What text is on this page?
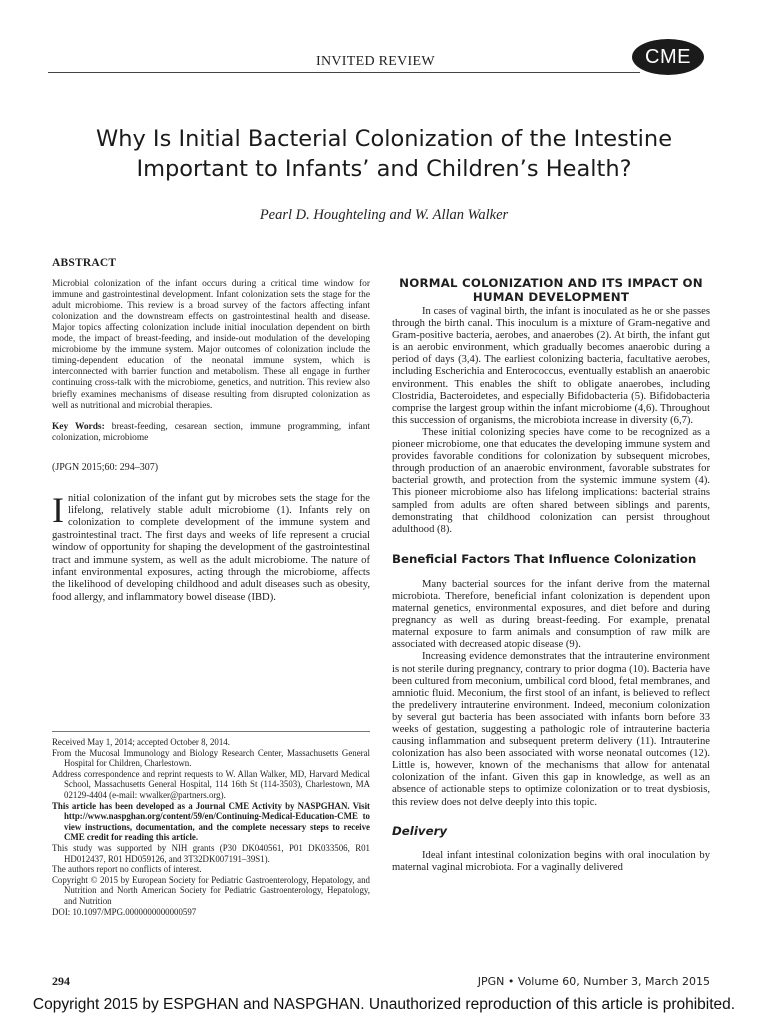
INVITED REVIEW	CME
Why Is Initial Bacterial Colonization of the Intestine
Important to Infants’ and Children’s Health?
Pearl D. Houghteling and W. Allan Walker

ABSTRACT

Microbial colonization of the infant occurs during a critical time window for immune and gastrointestinal development. Infant colonization sets the stage for the adult microbiome. This review is a broad survey of the factors affecting infant colonization and the downstream effects on gastrointestinal health and disease. Major topics affecting colonization include initial inoculation dependent on birth mode, the impact of breast-feeding, and inside-out modulation of the developing microbiome by the immune system. Major outcomes of colonization include the timing-dependent education of the neonatal immune system, which is interconnected with barrier function and metabolism. These all engage in further continuing cross-talk with the microbiome, genetics, and nutrition. This review also briefly examines mechanisms of disease resulting from disrupted colonization as well as nutritional and microbial therapies.

Key Words: breast-feeding, cesarean section, immune programming, infant colonization, microbiome

(JPGN 2015;60: 294–307)

Initial colonization of the infant gut by microbes sets the stage for the lifelong, relatively stable adult microbiome (1). Infants rely on colonization to complete development of the immune system and gastrointestinal tract. The first days and weeks of life represent a crucial window of opportunity for shaping the development of the gastrointestinal tract and immune system, as well as the adult microbiome. The nature of infant environmental exposures, acting through the microbiome, affects the likelihood of developing childhood and adult diseases such as obesity, food allergy, and inflammatory bowel disease (IBD).

Received May 1, 2014; accepted October 8, 2014.

From the Mucosal Immunology and Biology Research Center, Massachusetts General Hospital for Children, Charlestown.

Address correspondence and reprint requests to W. Allan Walker, MD, Harvard Medical School, Massachusetts General Hospital, 114 16th St (114-3503), Charlestown, MA 02129-4404 (e-mail: wwalker@partners.org).

This article has been developed as a Journal CME Activity by NASPGHAN. Visit http://www.naspghan.org/content/59/en/Continuing-Medical-Education-CME to view instructions, documentation, and the complete necessary steps to receive CME credit for reading this article.

This study was supported by NIH grants (P30 DK040561, P01 DK033506, R01 HD012437, R01 HD059126, and 3T32DK007191–39S1).

The authors report no conflicts of interest.

Copyright © 2015 by European Society for Pediatric Gastroenterology, Hepatology, and Nutrition and North American Society for Pediatric Gastroenterology, Hepatology, and Nutrition

DOI: 10.1097/MPG.0000000000000597

NORMAL COLONIZATION AND ITS IMPACT ON
HUMAN DEVELOPMENT

In cases of vaginal birth, the infant is inoculated as he or she passes through the birth canal. This inoculum is a mixture of Gram-negative and Gram-positive bacteria, aerobes, and anaerobes (2). At birth, the infant gut is an aerobic environment, which gradually becomes anaerobic during a period of days (3,4). The earliest colonizing bacteria, facultative aerobes, including Escherichia and Enterococcus, eventually establish an anaerobic environment. This enables the shift to obligate anaerobes, including Clostridia, Bacteroidetes, and especially Bifidobacteria (5). Bifidobacteria comprise the largest group within the infant microbiome (4,6). Throughout this succession of organisms, the microbiota increase in diversity (6,7).

These initial colonizing species have come to be recognized as a pioneer microbiome, one that educates the developing immune system and provides favorable conditions for colonization by subsequent microbes, through production of an anaerobic environment, favorable substrates for bacterial growth, and protection from the systemic immune system (4). This pioneer microbiome also has lifelong implications: bacterial strains sampled from adults are often shared between siblings and parents, demonstrating that childhood colonization can persist throughout adulthood (8).

Beneficial Factors That Influence Colonization

Many bacterial sources for the infant derive from the maternal microbiota. Therefore, beneficial infant colonization is dependent upon maternal genetics, environmental exposures, and diet before and during pregnancy as well as during breast-feeding. For example, prenatal maternal exposure to farm animals and consumption of raw milk are associated with decreased atopic disease (9).

Increasing evidence demonstrates that the intrauterine environment is not sterile during pregnancy, contrary to prior dogma (10). Bacteria have been cultured from meconium, umbilical cord blood, fetal membranes, and amniotic fluid. Meconium, the first stool of an infant, is believed to reflect the predelivery intrauterine environment. Indeed, meconium colonization by several gut bacteria has been associated with infants born before 33 weeks of gestation, suggesting a pathologic role of intrauterine bacteria causing inflammation and subsequent preterm delivery (11). Intrauterine colonization has also been associated with worse neonatal outcomes (12). Little is, however, known of the mechanisms that allow for antenatal colonization of the infant. Given this gap in knowledge, as well as an absence of actionable steps to optimize colonization or to treat dysbiosis, this review does not delve deeply into this topic.

Delivery

Ideal infant intestinal colonization begins with oral inoculation by maternal vaginal microbiota. For a vaginally delivered

294	JPGN • Volume 60, Number 3, March 2015
Copyright 2015 by ESPGHAN and NASPGHAN. Unauthorized reproduction of this article is prohibited.
